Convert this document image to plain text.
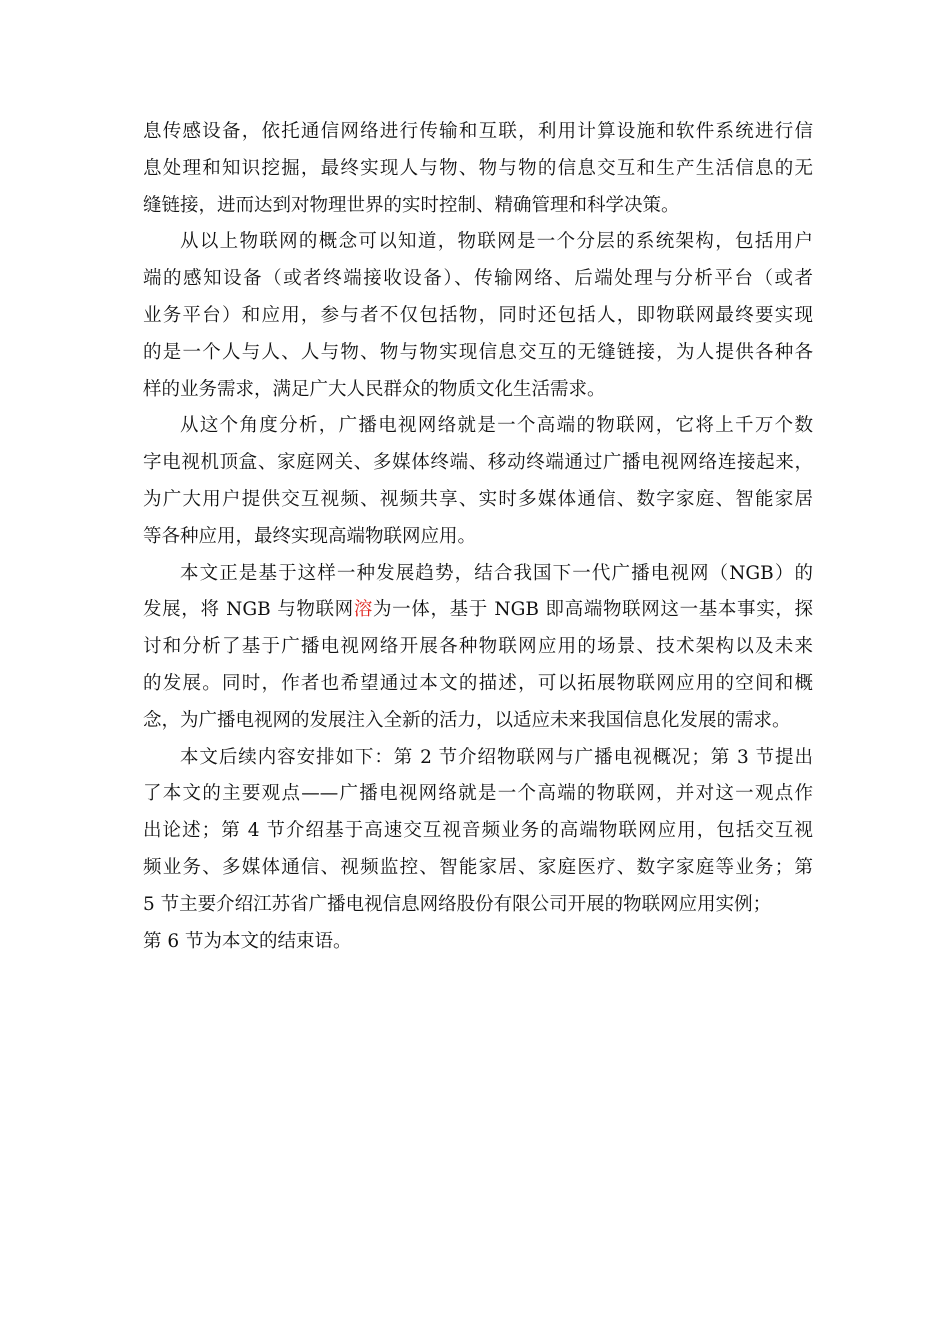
息传感设备，依托通信网络进行传输和互联，利用计算设施和软件系统进行信
息处理和知识挖掘，最终实现人与物、物与物的信息交互和生产生活信息的无
缝链接，进而达到对物理世界的实时控制、精确管理和科学决策。
从以上物联网的概念可以知道，物联网是一个分层的系统架构，包括用户
端的感知设备（或者终端接收设备）、传输网络、后端处理与分析平台（或者
业务平台）和应用，参与者不仅包括物，同时还包括人，即物联网最终要实现
的是一个人与人、人与物、物与物实现信息交互的无缝链接，为人提供各种各
样的业务需求，满足广大人民群众的物质文化生活需求。
从这个角度分析，广播电视网络就是一个高端的物联网，它将上千万个数
字电视机顶盒、家庭网关、多媒体终端、移动终端通过广播电视网络连接起来，
为广大用户提供交互视频、视频共享、实时多媒体通信、数字家庭、智能家居
等各种应用，最终实现高端物联网应用。
本文正是基于这样一种发展趋势，结合我国下一代广播电视网（NGB）的
发展，将 NGB 与物联网溶为一体，基于 NGB 即高端物联网这一基本事实，探
讨和分析了基于广播电视网络开展各种物联网应用的场景、技术架构以及未来
的发展。同时，作者也希望通过本文的描述，可以拓展物联网应用的空间和概
念，为广播电视网的发展注入全新的活力，以适应未来我国信息化发展的需求。
本文后续内容安排如下：第 2 节介绍物联网与广播电视概况；第 3 节提出
了本文的主要观点——广播电视网络就是一个高端的物联网，并对这一观点作
出论述；第 4 节介绍基于高速交互视音频业务的高端物联网应用，包括交互视
频业务、多媒体通信、视频监控、智能家居、家庭医疗、数字家庭等业务；第
5 节主要介绍江苏省广播电视信息网络股份有限公司开展的物联网应用实例；
第 6 节为本文的结束语。
